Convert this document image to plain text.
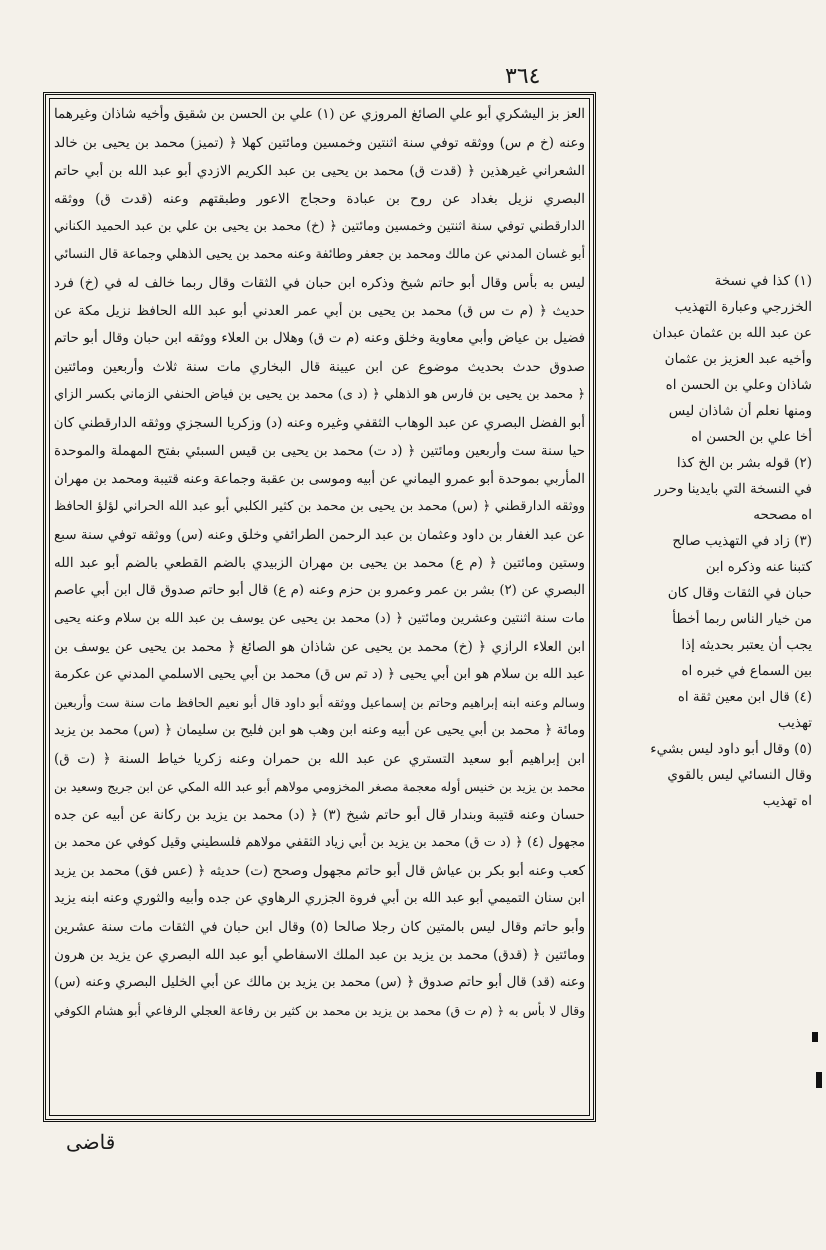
٣٦٤
العز بز اليشكري أبو علي الصائغ المروزي عن (١) علي بن الحسن بن شقيق وأخيه شاذان وغيرهما
وعنه (خ م س) ووثقه توفي سنة اثنتين وخمسين ومائتين كهلا ﴿ (تميز) محمد بن يحيى بن خالد
الشعراني غيرهذين ﴿ (قدت ق) محمد بن يحيى بن عبد الكريم الازدي أبو عبد الله بن أبي حاتم
البصري نزيل بغداد عن روح بن عبادة وحجاج الاعور وطبقتهم وعنه (قدت ق) ووثقه
الدارقطني توفي سنة اثنتين وخمسين ومائتين ﴿ (خ) محمد بن يحيى بن علي بن عبد الحميد الكناني
أبو غسان المدني عن مالك ومحمد بن جعفر وطائفة وعنه محمد بن يحيى الذهلي وجماعة قال النسائي
ليس به بأس وقال أبو حاتم شيخ وذكره ابن حبان في الثقات وقال ربما خالف له في (خ) فرد
حديث ﴿ (م ت س ق) محمد بن يحيى بن أبي عمر العدني أبو عبد الله الحافظ نزيل مكة عن
فضيل بن عياض وأبي معاوية وخلق وعنه (م ت ق) وهلال بن العلاء ووثقه ابن حبان وقال أبو حاتم
صدوق حدث بحديث موضوع عن ابن عيينة قال البخاري مات سنة ثلاث وأربعين ومائتين
﴿ محمد بن يحيى بن فارس هو الذهلي ﴿ (د ى) محمد بن يحيى بن فياض الحنفي الزماني بكسر الزاي
أبو الفضل البصري عن عبد الوهاب الثقفي وغيره وعنه (د) وزكريا السجزي ووثقه الدارقطني كان
حيا سنة ست وأربعين ومائتين ﴿ (د ت) محمد بن يحيى بن قيس السبئي بفتح المهملة والموحدة
المأربي بموحدة أبو عمرو اليماني عن أبيه وموسى بن عقبة وجماعة وعنه قتيبة ومحمد بن مهران
ووثقه الدارقطني ﴿ (س) محمد بن يحيى بن محمد بن كثير الكلبي أبو عبد الله الحراني لؤلؤ الحافظ
عن عبد الغفار بن داود وعثمان بن عبد الرحمن الطرائفي وخلق وعنه (س) ووثقه توفي سنة سبع
وستين ومائتين ﴿ (م ع) محمد بن يحيى بن مهران الزبيدي بالضم القطعي بالضم أبو عبد الله
البصري عن (٢) بشر بن عمر وعمرو بن حزم وعنه (م ع) قال أبو حاتم صدوق قال ابن أبي عاصم
مات سنة اثنتين وعشرين ومائتين ﴿ (د) محمد بن يحيى عن يوسف بن عبد الله بن سلام وعنه يحيى
ابن العلاء الرازي ﴿ (خ) محمد بن يحيى عن شاذان هو الصائغ ﴿ محمد بن يحيى عن يوسف بن
عبد الله بن سلام هو ابن أبي يحيى ﴿ (د تم س ق) محمد بن أبي يحيى الاسلمي المدني عن عكرمة
وسالم وعنه ابنه إبراهيم وحاتم بن إسماعيل ووثقه أبو داود قال أبو نعيم الحافظ مات سنة ست وأربعين
ومائة ﴿ محمد بن أبي يحيى عن أبيه وعنه ابن وهب هو ابن فليح بن سليمان ﴿ (س) محمد بن يزيد
ابن إبراهيم أبو سعيد التستري عن عبد الله بن حمران وعنه زكريا خياط السنة ﴿ (ت ق)
محمد بن يزيد بن خنيس أوله معجمة مصغر المخزومي مولاهم أبو عبد الله المكي عن ابن جريج وسعيد بن
حسان وعنه قتيبة وبندار قال أبو حاتم شيخ (٣) ﴿ (د) محمد بن يزيد بن ركانة عن أبيه عن جده
مجهول (٤) ﴿ (د ت ق) محمد بن يزيد بن أبي زياد الثقفي مولاهم فلسطيني وقيل كوفي عن محمد بن
كعب وعنه أبو بكر بن عياش قال أبو حاتم مجهول وصحح (ت) حديثه ﴿ (عس فق) محمد بن يزيد
ابن سنان التميمي أبو عبد الله بن أبي فروة الجزري الرهاوي عن جده وأبيه والثوري وعنه ابنه يزيد
وأبو حاتم وقال ليس بالمتين كان رجلا صالحا (٥) وقال ابن حبان في الثقات مات سنة عشرين
ومائتين ﴿ (قدق) محمد بن يزيد بن عبد الملك الاسفاطي أبو عبد الله البصري عن يزيد بن هرون
وعنه (قد) قال أبو حاتم صدوق ﴿ (س) محمد بن يزيد بن مالك عن أبي الخليل البصري وعنه (س)
وقال لا بأس به ﴿ (م ت ق) محمد بن يزيد بن محمد بن كثير بن رفاعة العجلي الرفاعي أبو هشام الكوفي
(١) كذا في نسخة
الخزرجي وعبارة التهذيب
عن عبد الله بن عثمان عبدان
وأخيه عبد العزيز بن عثمان
شاذان وعلي بن الحسن اه
ومنها نعلم أن شاذان ليس
أخا علي بن الحسن اه
(٢) قوله بشر بن الخ كذا
في النسخة التي بايدينا وحرر
اه مصححه
(٣) زاد في التهذيب صالح
كتبنا عنه وذكره ابن
حبان في الثقات وقال كان
من خيار الناس ربما أخطأ
يجب أن يعتبر بحديثه إذا
بين السماع في خبره اه
(٤) قال ابن معين ثقة اه
تهذيب
(٥) وقال أبو داود ليس بشيء
وقال النسائي ليس بالقوي
اه تهذيب
قاضى
